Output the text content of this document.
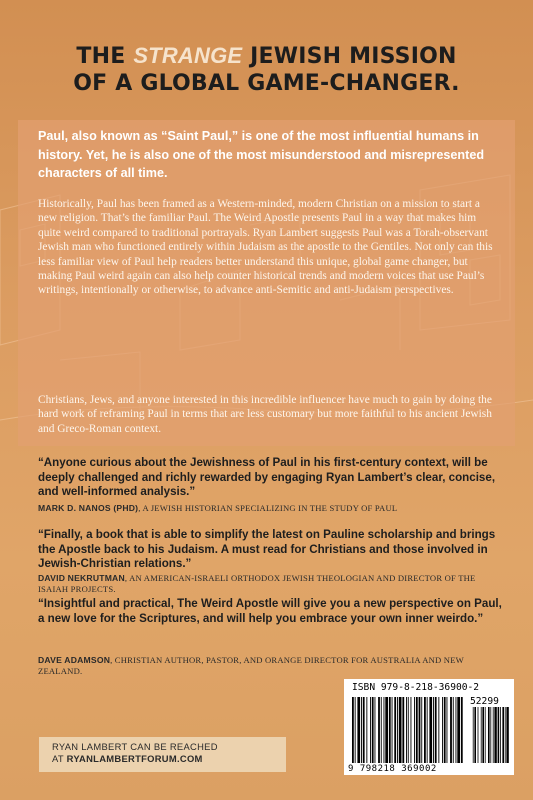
THE STRANGE JEWISH MISSION
OF A GLOBAL GAME-CHANGER.

Paul, also known as “Saint Paul,” is one of the most influential humans in history. Yet, he is also one of the most misunderstood and misrepresented characters of all time.

Historically, Paul has been framed as a Western-minded, modern Christian on a mission to start a new religion. That’s the familiar Paul. The Weird Apostle presents Paul in a way that makes him quite weird compared to traditional portrayals. Ryan Lambert suggests Paul was a Torah-observant Jewish man who functioned entirely within Judaism as the apostle to the Gentiles. Not only can this less familiar view of Paul help readers better understand this unique, global game changer, but making Paul weird again can also help counter historical trends and modern voices that use Paul’s writings, intentionally or otherwise, to advance anti-Semitic and anti-Judaism perspectives.

Christians, Jews, and anyone interested in this incredible influencer have much to gain by doing the hard work of reframing Paul in terms that are less customary but more faithful to his ancient Jewish and Greco-Roman context.

“Anyone curious about the Jewishness of Paul in his first-century context, will be deeply challenged and richly rewarded by engaging Ryan Lambert’s clear, concise, and well-informed analysis.”

MARK D. NANOS (PHD), A JEWISH HISTORIAN SPECIALIZING IN THE STUDY OF PAUL

“Finally, a book that is able to simplify the latest on Pauline scholarship and brings the Apostle back to his Judaism. A must read for Christians and those involved in Jewish-Christian relations.”

DAVID NEKRUTMAN, AN AMERICAN-ISRAELI ORTHODOX JEWISH THEOLOGIAN AND DIRECTOR OF THE ISAIAH PROJECTS.

“Insightful and practical, The Weird Apostle will give you a new perspective on Paul, a new love for the Scriptures, and will help you embrace your own inner weirdo.”

DAVE ADAMSON, CHRISTIAN AUTHOR, PASTOR, AND ORANGE DIRECTOR FOR AUSTRALIA AND NEW ZEALAND.

RYAN LAMBERT CAN BE REACHED
AT RYANLAMBERTFORUM.COM

ISBN 979-8-218-36900-2

52299

9 798218 369002
